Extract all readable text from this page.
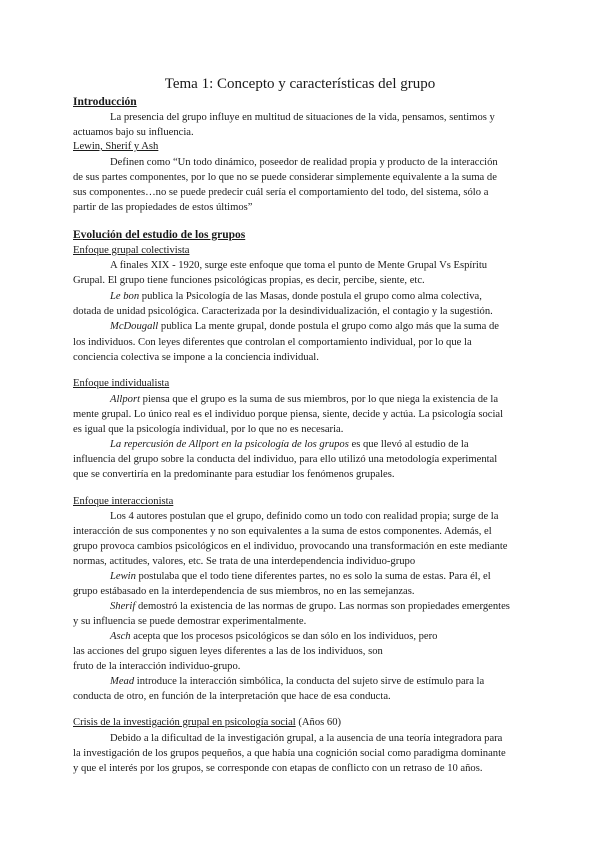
Tema 1: Concepto y características del grupo
Introducción
La presencia del grupo influye en multitud de situaciones de la vida, pensamos, sentimos y
actuamos bajo su influencia.
Lewin, Sherif y Ash
Definen como “Un todo dinámico, poseedor de realidad propia y producto de la interacción
de sus partes componentes, por lo que no se puede considerar simplemente equivalente a la suma de
sus componentes…no se puede predecir cuál sería el comportamiento del todo, del sistema, sólo a
partir de las propiedades de estos últimos”
Evolución del estudio de los grupos
Enfoque grupal colectivista
A finales XIX - 1920, surge este enfoque que toma el punto de Mente Grupal Vs Espíritu
Grupal. El grupo tiene funciones psicológicas propias, es decir, percibe, siente, etc.
Le bon publica la Psicología de las Masas, donde postula el grupo como alma colectiva,
dotada de unidad psicológica. Caracterizada por la desindividualización, el contagio y la sugestión.
McDougall publica La mente grupal, donde postula el grupo como algo más que la suma de
los individuos. Con leyes diferentes que controlan el comportamiento individual, por lo que la
conciencia colectiva se impone a la conciencia individual.
Enfoque individualista
Allport piensa que el grupo es la suma de sus miembros, por lo que niega la existencia de la
mente grupal. Lo único real es el individuo porque piensa, siente, decide y actúa. La psicología social
es igual que la psicología individual, por lo que no es necesaria.
La repercusión de Allport en la psicología de los grupos es que llevó al estudio de la
influencia del grupo sobre la conducta del individuo, para ello utilizó una metodología experimental
que se convertiría en la predominante para estudiar los fenómenos grupales.
Enfoque interaccionista
Los 4 autores postulan que el grupo, definido como un todo con realidad propia; surge de la
interacción de sus componentes y no son equivalentes a la suma de estos componentes. Además, el
grupo provoca cambios psicológicos en el individuo, provocando una transformación en este mediante
normas, actitudes, valores, etc. Se trata de una interdependencia individuo-grupo
Lewin postulaba que el todo tiene diferentes partes, no es solo la suma de estas. Para él, el
grupo estábasado en la interdependencia de sus miembros, no en las semejanzas.
Sherif demostró la existencia de las normas de grupo. Las normas son propiedades emergentes
y su influencia se puede demostrar experimentalmente.
Asch acepta que los procesos psicológicos se dan sólo en los individuos, pero
las acciones del grupo siguen leyes diferentes a las de los individuos, son
fruto de la interacción individuo-grupo.
Mead introduce la interacción simbólica, la conducta del sujeto sirve de estímulo para la
conducta de otro, en función de la interpretación que hace de esa conducta.
Crisis de la investigación grupal en psicología social (Años 60)
Debido a la dificultad de la investigación grupal, a la ausencia de una teoría integradora para
la investigación de los grupos pequeños, a que había una cognición social como paradigma dominante
y que el interés por los grupos, se corresponde con etapas de conflicto con un retraso de 10 años.
